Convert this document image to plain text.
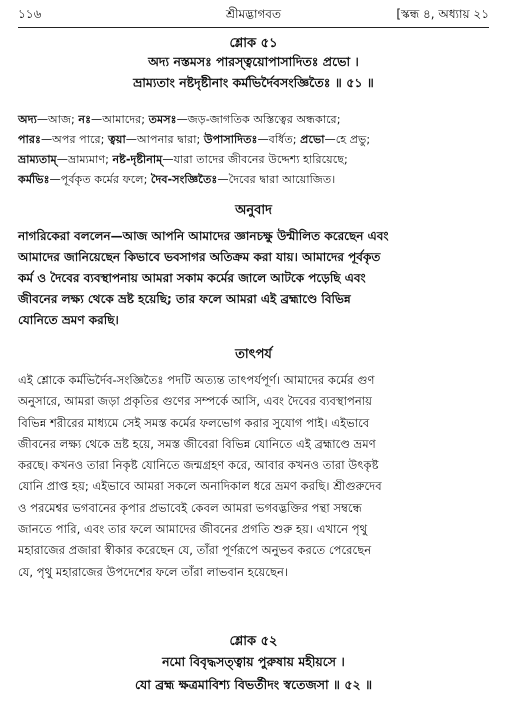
১১৬	শ্রীমদ্ভাগবত	[স্কন্ধ ৪, অধ্যায় ২১
শ্লোক ৫১
অদ্য নস্তমসঃ পারস্ত্বয়োপাসাদিতঃ প্রভো ।
ভ্রাম্যতাং নষ্টদৃষ্টীনাং কর্মভির্দৈবসংজ্ঞিতৈঃ ॥ ৫১ ॥

অদ্য—আজ; নঃ—আমাদের; তমসঃ—জড়-জাগতিক অস্তিত্বের অন্ধকারে;

পারঃ—অপর পারে; ত্বয়া—আপনার দ্বারা; উপাসাদিতঃ—বর্ধিত; প্রভো—হে প্রভু;

ভ্রাম্যতাম্—ভ্রাম্যমাণ; নষ্ট-দৃষ্টীনাম্—যারা তাদের জীবনের উদ্দেশ্য হারিয়েছে;

কর্মভিঃ—পূর্বকৃত কর্মের ফলে; দৈব-সংজ্ঞিতৈঃ—দৈবের দ্বারা আয়োজিত।

অনুবাদ

নাগরিকেরা বললেন—আজ আপনি আমাদের জ্ঞানচক্ষু উন্মীলিত করেছেন এবং

আমাদের জানিয়েছেন কিভাবে ভবসাগর অতিক্রম করা যায়। আমাদের পূর্বকৃত

কর্ম ও দৈবের ব্যবস্থাপনায় আমরা সকাম কর্মের জালে আটকে পড়েছি এবং

জীবনের লক্ষ্য থেকে ভ্রষ্ট হয়েছি; তার ফলে আমরা এই ব্রহ্মাণ্ডে বিভিন্ন

যোনিতে ভ্রমণ করছি।

তাৎপর্য

এই শ্লোকে কর্মভির্দৈব-সংজ্ঞিতৈঃ পদটি অত্যন্ত তাৎপর্যপূর্ণ। আমাদের কর্মের গুণ

অনুসারে, আমরা জড়া প্রকৃতির গুণের সম্পর্কে আসি, এবং দৈবের ব্যবস্থাপনায়

বিভিন্ন শরীরের মাধ্যমে সেই সমস্ত কর্মের ফলভোগ করার সুযোগ পাই। এইভাবে

জীবনের লক্ষ্য থেকে ভ্রষ্ট হয়ে, সমস্ত জীবেরা বিভিন্ন যোনিতে এই ব্রহ্মাণ্ডে ভ্রমণ

করছে। কখনও তারা নিকৃষ্ট যোনিতে জন্মগ্রহণ করে, আবার কখনও তারা উৎকৃষ্ট

যোনি প্রাপ্ত হয়; এইভাবে আমরা সকলে অনাদিকাল ধরে ভ্রমণ করছি। শ্রীগুরুদেব

ও পরমেশ্বর ভগবানের কৃপার প্রভাবেই কেবল আমরা ভগবদ্ভক্তির পন্থা সম্বন্ধে

জানতে পারি, এবং তার ফলে আমাদের জীবনের প্রগতি শুরু হয়। এখানে পৃথু

মহারাজের প্রজারা স্বীকার করেছেন যে, তাঁরা পূর্ণরূপে অনুভব করতে পেরেছেন

যে, পৃথু মহারাজের উপদেশের ফলে তাঁরা লাভবান হয়েছেন।

শ্লোক ৫২
নমো বিবৃদ্ধসত্ত্বায় পুরুষায় মহীয়সে ।
যো ব্রহ্ম ক্ষত্রমাবিশ্য বিভর্তীদং স্বতেজসা ॥ ৫২ ॥
